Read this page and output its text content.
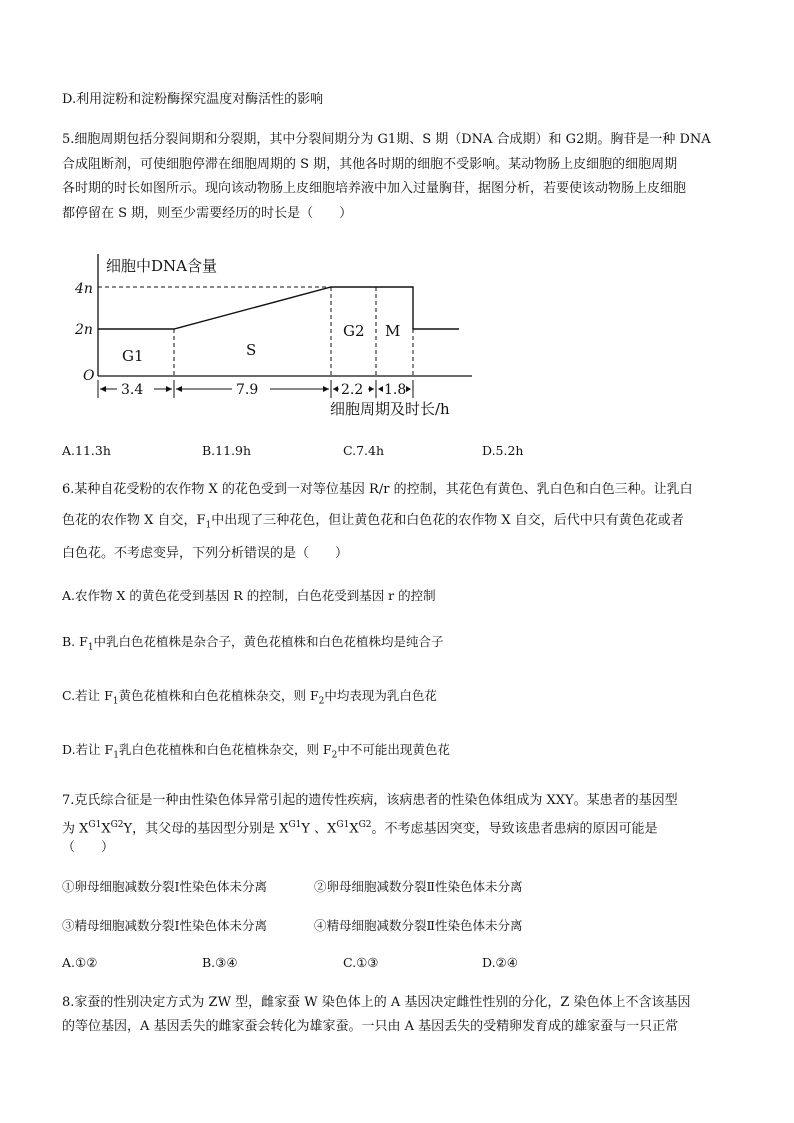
D.利用淀粉和淀粉酶探究温度对酶活性的影响

5.细胞周期包括分裂间期和分裂期，其中分裂间期分为 G1期、S 期（DNA 合成期）和 G2期。胸苷是一种 DNA

合成阻断剂，可使细胞停滞在细胞周期的 S 期，其他各时期的细胞不受影响。某动物肠上皮细胞的细胞周期

各时期的时长如图所示。现向该动物肠上皮细胞培养液中加入过量胸苷，据图分析，若要使该动物肠上皮细胞

都停留在 S 期，则至少需要经历的时长是（　　）

细胞中DNA含量
4n
2n
O
G1	S
G2 M
3.4	7.9	2.2 1.8
细胞周期及时长/h
A.11.3h	B.11.9h	C.7.4h	D.5.2h

6.某种自花受粉的农作物 X 的花色受到一对等位基因 R/r 的控制，其花色有黄色、乳白色和白色三种。让乳白

色花的农作物 X 自交，$F_1$中出现了三种花色，但让黄色花和白色花的农作物 X 自交，后代中只有黄色花或者

白色花。不考虑变异，下列分析错误的是（　　）

A.农作物 X 的黄色花受到基因 R 的控制，白色花受到基因 r 的控制

B. $F_1$中乳白色花植株是杂合子，黄色花植株和白色花植株均是纯合子

C.若让 $F_1$黄色花植株和白色花植株杂交，则 $F_2$中均表现为乳白色花

D.若让 $F_1$乳白色花植株和白色花植株杂交，则 $F_2$中不可能出现黄色花

7.克氏综合征是一种由性染色体异常引起的遗传性疾病，该病患者的性染色体组成为 XXY。某患者的基因型

为 $X^{G1}X^{G2}Y$，其父母的基因型分别是 $X^{G1}Y$ 、$X^{G1}X^{G2}$。不考虑基因突变，导致该患者患病的原因可能是

（　　）

①卵母细胞减数分裂Ⅰ性染色体未分离	②卵母细胞减数分裂Ⅱ性染色体未分离
③精母细胞减数分裂Ⅰ性染色体未分离	④精母细胞减数分裂Ⅱ性染色体未分离
A.①②	B.③④	C.①③	D.②④

8.家蚕的性别决定方式为 ZW 型，雌家蚕 W 染色体上的 A 基因决定雌性性别的分化，Z 染色体上不含该基因

的等位基因，A 基因丢失的雌家蚕会转化为雄家蚕。一只由 A 基因丢失的受精卵发育成的雄家蚕与一只正常
